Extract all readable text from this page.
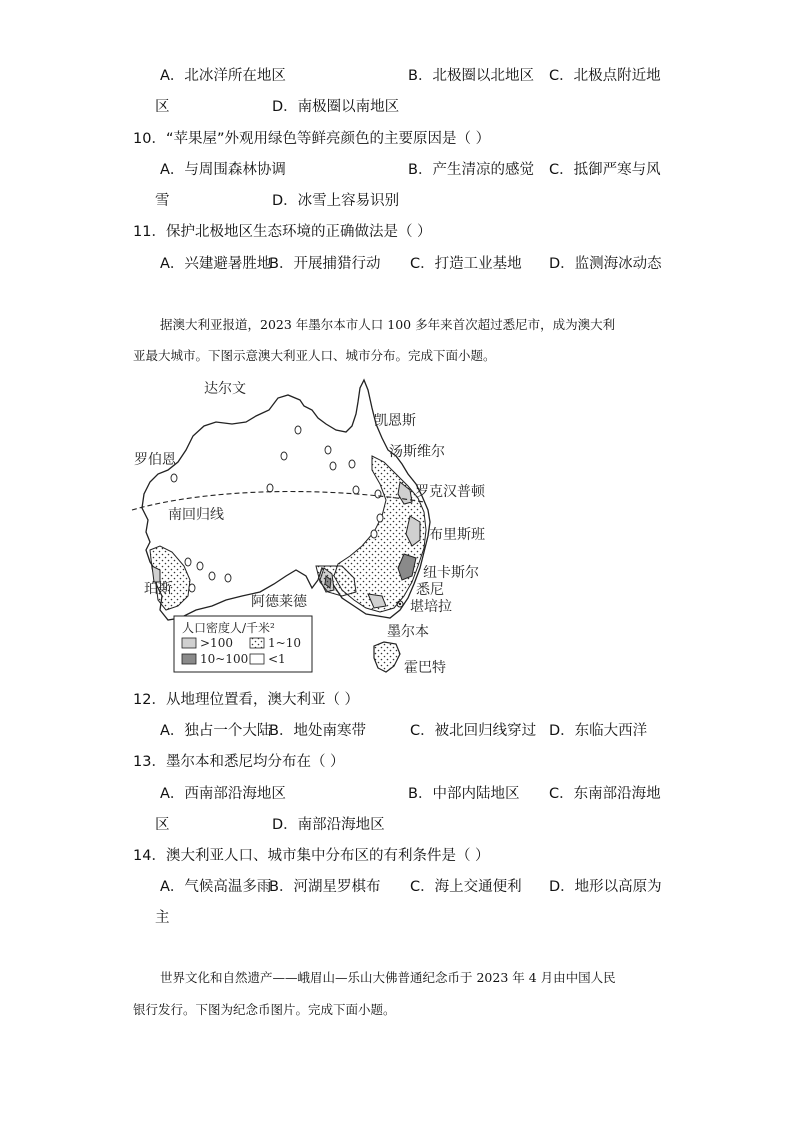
A．北冰洋所在地区	B．北极圈以北地区 C．北极点附近地
区	D．南极圈以南地区
10．“苹果屋”外观用绿色等鲜亮颜色的主要原因是（ ）
A．与周围森林协调	B．产生清凉的感觉 C．抵御严寒与风
雪	D．冰雪上容易识别
11．保护北极地区生态环境的正确做法是（ ）
A．兴建避暑胜地
B．开展捕猎行动 C．打造工业基地 D．监测海冰动态
据澳大利亚报道，2023 年墨尔本市人口 100 多年来首次超过悉尼市，成为澳大利
亚最大城市。下图示意澳大利亚人口、城市分布。完成下面小题。
人口密度人/千米²
>100	1~10
10~100 <1
达尔文
凯恩斯
汤斯维尔
罗伯恩
罗克汉普顿
南回归线
布里斯班
纽卡斯尔
悉尼
珀斯
阿德莱德	堪培拉
墨尔本
霍巴特
12．从地理位置看，澳大利亚（ ）
A．独占一个大陆
B．地处南寒带	C．被北回归线穿过 D．东临大西洋
13．墨尔本和悉尼均分布在（ ）
A．西南部沿海地区	B．中部内陆地区 C．东南部沿海地
区	D．南部沿海地区
14．澳大利亚人口、城市集中分布区的有利条件是（ ）
A．气候高温多雨
B．河湖星罗棋布 C．海上交通便利 D．地形以高原为
主
世界文化和自然遗产——峨眉山—乐山大佛普通纪念币于 2023 年 4 月由中国人民
银行发行。下图为纪念币图片。完成下面小题。
